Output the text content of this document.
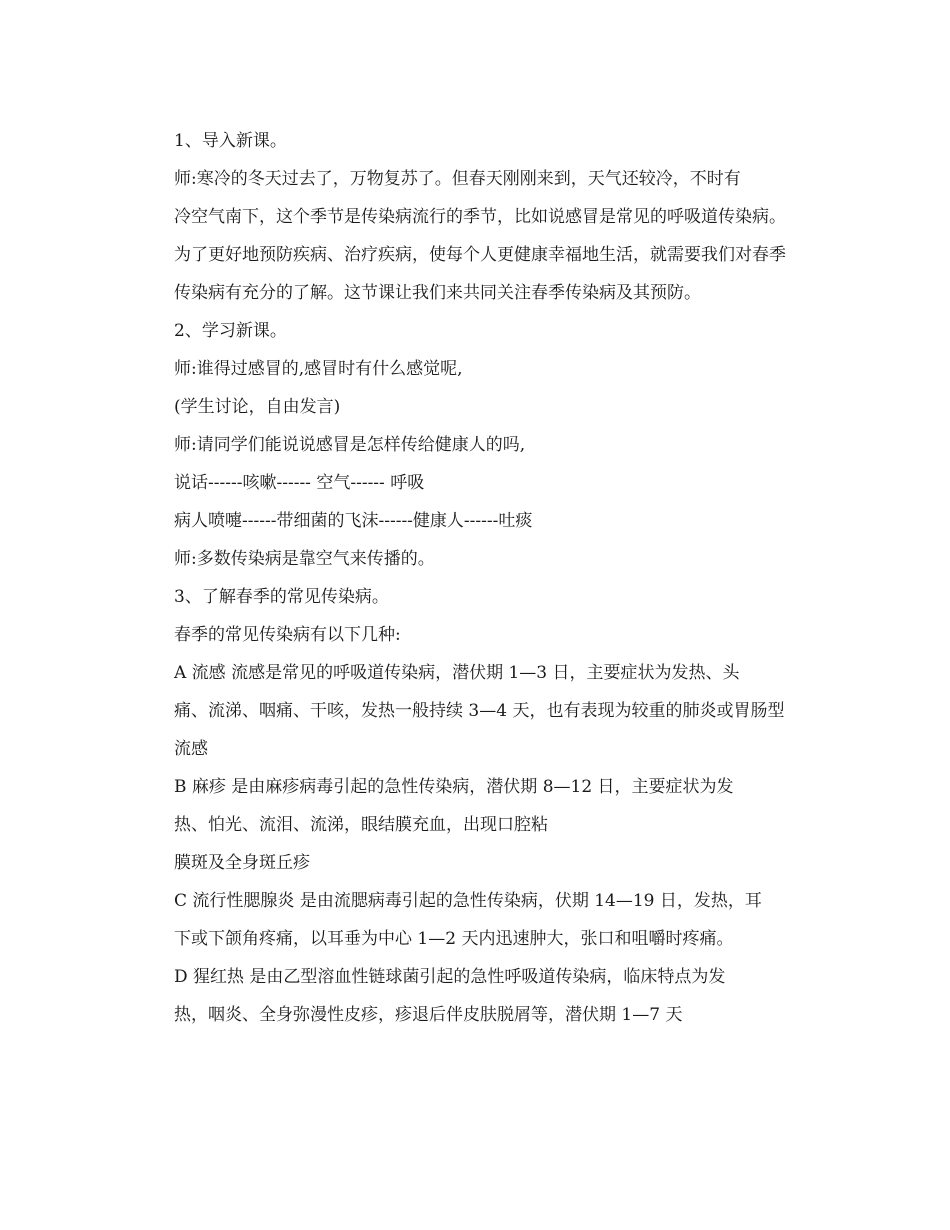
1、导入新课。

师:寒冷的冬天过去了，万物复苏了。但春天刚刚来到，天气还较冷，不时有
冷空气南下，这个季节是传染病流行的季节，比如说感冒是常见的呼吸道传染病。
为了更好地预防疾病、治疗疾病，使每个人更健康幸福地生活，就需要我们对春季
传染病有充分的了解。这节课让我们来共同关注春季传染病及其预防。

2、学习新课。

师:谁得过感冒的,感冒时有什么感觉呢,

(学生讨论，自由发言)

师:请同学们能说说感冒是怎样传给健康人的吗,

说话------咳嗽------ 空气------ 呼吸

病人喷嚏------带细菌的飞沫------健康人------吐痰

师:多数传染病是靠空气来传播的。

3、了解春季的常见传染病。

春季的常见传染病有以下几种:

A 流感 流感是常见的呼吸道传染病，潜伏期 1—3 日，主要症状为发热、头
痛、流涕、咽痛、干咳，发热一般持续 3—4 天，也有表现为较重的肺炎或胃肠型
流感

B 麻疹 是由麻疹病毒引起的急性传染病，潜伏期 8—12 日，主要症状为发
热、怕光、流泪、流涕，眼结膜充血，出现口腔粘

膜斑及全身斑丘疹

C 流行性腮腺炎 是由流腮病毒引起的急性传染病，伏期 14—19 日，发热，耳
下或下颌角疼痛，以耳垂为中心 1—2 天内迅速肿大，张口和咀嚼时疼痛。

D 猩红热 是由乙型溶血性链球菌引起的急性呼吸道传染病，临床特点为发
热，咽炎、全身弥漫性皮疹，疹退后伴皮肤脱屑等，潜伏期 1—7 天
